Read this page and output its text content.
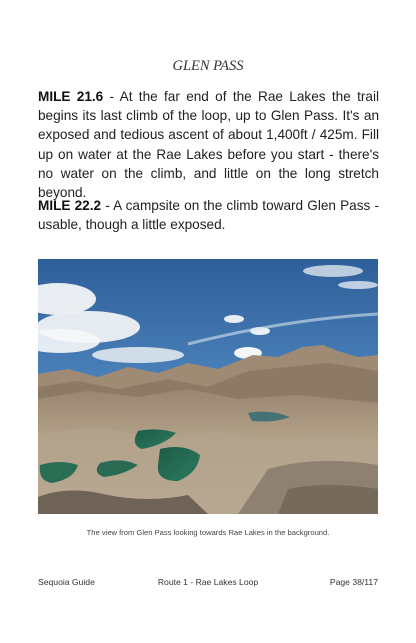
GLEN PASS

MILE 21.6 - At the far end of the Rae Lakes the trail begins its last climb of the loop, up to Glen Pass. It's an exposed and tedious ascent of about 1,400ft / 425m. Fill up on water at the Rae Lakes before you start - there's no water on the climb, and little on the long stretch beyond.

MILE 22.2 - A campsite on the climb toward Glen Pass - usable, though a little exposed.

The view from Glen Pass looking towards Rae Lakes in the background.
Sequoia Guide	Route 1 - Rae Lakes Loop	Page 38/117
